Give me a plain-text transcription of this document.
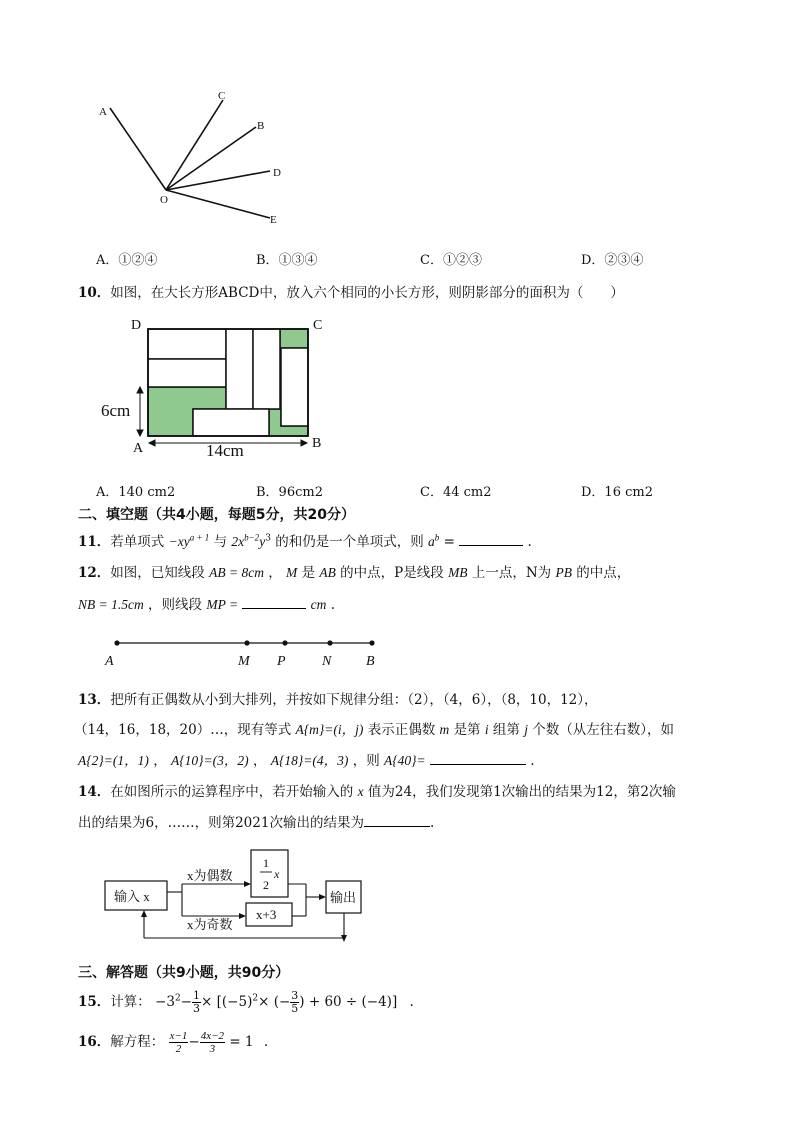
A
C
B
D
E
O
A．①②④	B．①③④	C．①②③	D．②③④
10．如图，在大长方形ABCD中，放入六个相同的小长方形，则阴影部分的面积为（　　）
D	C
A	B
6cm
14cm
A．140 cm2	B．96cm2	C．44 cm2	D．16 cm2
二、填空题（共4小题，每题5分，共20分）
11．若单项式 $-xy^{a + 1}$ 与 $2x^{b-2}y^3$ 的和仍是一个单项式，则 $a^b$ =	.
12．如图，已知线段 AB = 8cm ， M 是 AB 的中点，P是线段 MB 上一点，N为 PB 的中点，
NB = 1.5cm ，则线段 MP =	cm .
A	M P	N B
13．把所有正偶数从小到大排列，并按如下规律分组：（2），（4，6），（8，10，12），
（14，16，18，20）…，现有等式 A{m}=(i，j) 表示正偶数 m 是第 i 组第 j 个数（从左往右数），如
A{2}=(1，1) ， A{10}=(3，2) ， A{18}=(4，3) ，则 A{40}=	.
14．在如图所示的运算程序中，若开始输入的 x 值为24，我们发现第1次输出的结果为12，第2次输
出的结果为6，……，则第2021次输出的结果为	.
输入 x
x为偶数
x为奇数
1
2
x
x+3
输出
三、解答题（共9小题，共90分）
15．计算： $-3^2- \frac{1}{3} \times [(-5)^2\times$ (− $\frac{3}{5}$ ) + 60 ÷ (−4)] .
16．解方程： $\frac{x-1}{2} - \frac{4x-2}{3} = 1$ .
